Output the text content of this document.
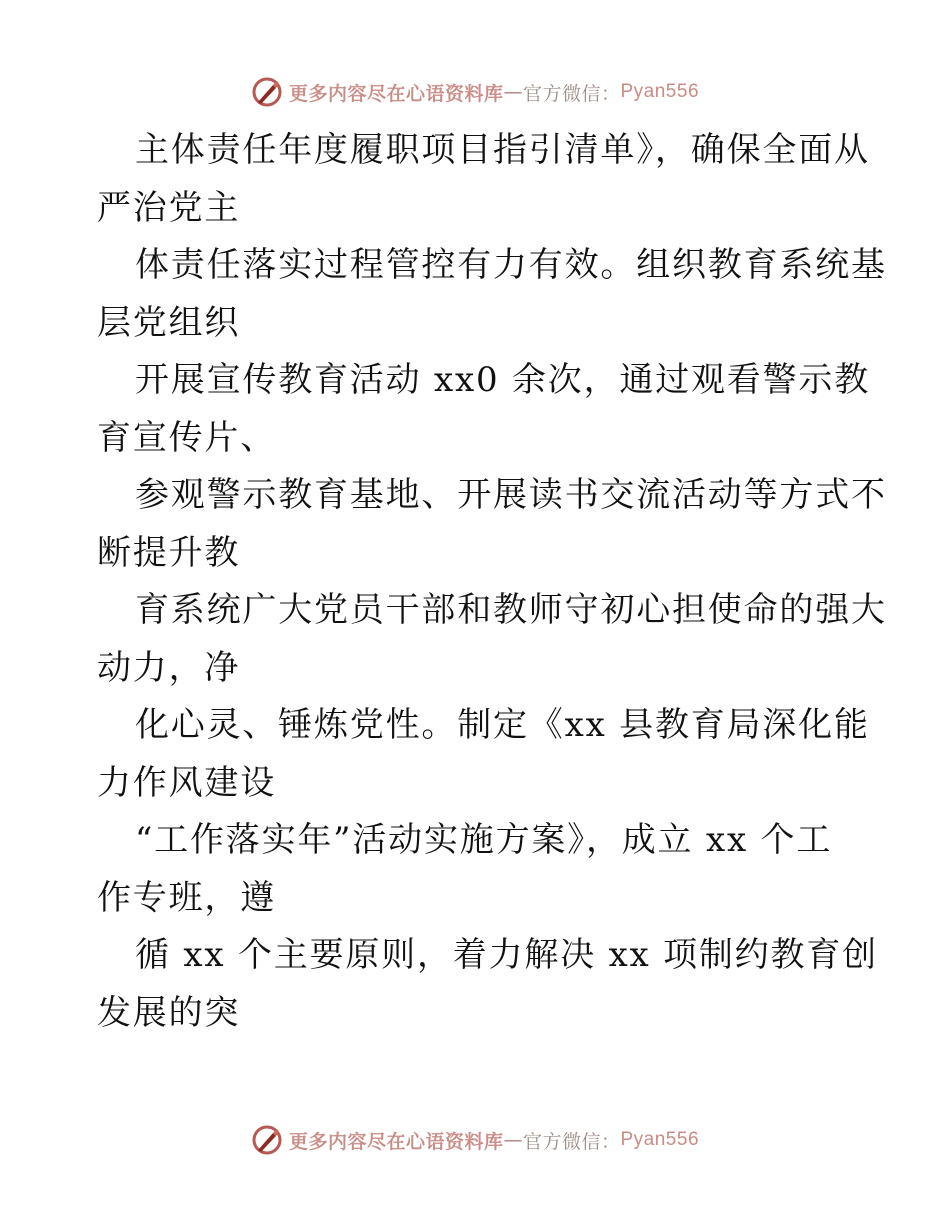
更多内容尽在心语资料库 — 官方微信： Pyan556
主体责任年度履职项目指引清单》，确保全面从
严治党主
体责任落实过程管控有力有效。组织教育系统基
层党组织
开展宣传教育活动 xx0 余次，通过观看警示教
育宣传片、
参观警示教育基地、开展读书交流活动等方式不
断提升教
育系统广大党员干部和教师守初心担使命的强大
动力，净
化心灵、锤炼党性。制定《xx 县教育局深化能
力作风建设
“工作落实年”活动实施方案》，成立 xx 个工
作专班，遵
循 xx 个主要原则，着力解决 xx 项制约教育创
发展的突
更多内容尽在心语资料库 — 官方微信： Pyan556
